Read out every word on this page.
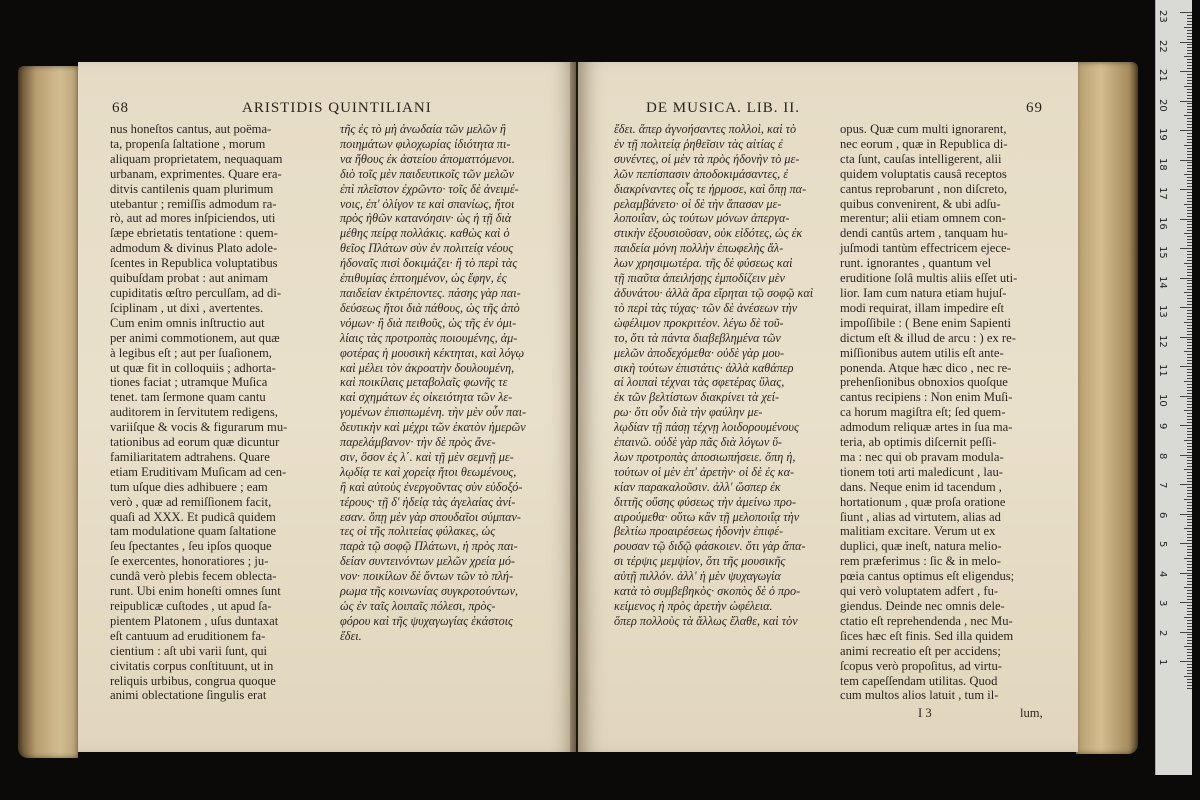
68	ARISTIDIS QUINTILIANI

nus honeſtos cantus, aut poëma-

ta, propenſa ſaltatione , morum

aliquam proprietatem, nequaquam

urbanam, exprimentes. Quare era-

ditvis cantilenis quam plurimum

utebantur ; remiſſis admodum ra-

rò, aut ad mores inſpiciendos, uti

ſæpe ebrietatis tentatione : quem-

admodum & divinus Plato adole-

ſcentes in Republica voluptatibus

quibuſdam probat : aut animam

cupiditatis œſtro perculſam, ad di-

ſciplinam , ut dixi , avertentes.

Cum enim omnis inſtructio aut

per animi commotionem, aut quæ

à legibus eſt ; aut per ſuaſionem,

ut quæ fit in colloquiis ; adhorta-

tiones faciat ; utramque Muſica

tenet. tam ſermone quam cantu

auditorem in ſervitutem redigens,

variiſque & vocis & figurarum mu-

tationibus ad eorum quæ dicuntur

familiaritatem adtrahens. Quare

etiam Eruditivam Muſicam ad cen-

tum uſque dies adhibuere ; eam

verò , quæ ad remiſſionem facit,

quaſi ad XXX. Et pudicâ quidem

tam modulatione quam ſaltatione

ſeu ſpectantes , ſeu ipſos quoque

ſe exercentes, honoratiores ; ju-

cundâ verò plebis fecem oblecta-

runt. Ubi enim honeſti omnes ſunt

reipublicæ cuſtodes , ut apud ſa-

pientem Platonem , uſus duntaxat

eſt cantuum ad eruditionem fa-

cientium : aſt ubi varii ſunt, qui

civitatis corpus conſtituunt, ut in

reliquis urbibus, congrua quoque

animi oblectatione ſingulis erat

τῆς ἐς τὸ μὴ ἀνωδαία τῶν μελῶν ἢ

ποιημάτων φιλοχωρίας ἰδιότητα πι-

να ἤθους ἐκ ἀστείου ἀποματτόμενοι.

διὸ τοῖς μὲν παιδευτικοῖς τῶν μελῶν

ἐπὶ πλεῖστον ἐχρῶντο· τοῖς δὲ ἀνειμέ-

νοις, ἐπ' ὀλίγον τε καὶ σπανίως, ἤτοι

πρὸς ἠθῶν κατανόησιν· ὡς ἡ τῇ διὰ

μέθης πείρᾳ πολλάκις. καθὼς καὶ ὁ

θεῖος Πλάτων σὺν ἐν πολιτείᾳ νέους

ἡδοναῖς πισὶ δοκιμάζει· ἢ τὸ περὶ τὰς

ἐπιθυμίας ἐπτοημένον, ὡς ἔφην, ἐς

παιδείαν ἐκτρέποντες. πάσης γὰρ παι-

δεύσεως ἤτοι διὰ πάθους, ὡς τῆς ἀπὸ

νόμων· ἢ διὰ πειθοῦς, ὡς τῆς ἐν ὁμι-

λίαις τὰς προτροπὰς ποιουμένης, ἀμ-

φοτέρας ἡ μουσικὴ κέκτηται, καὶ λόγῳ

καὶ μέλει τὸν ἀκροατὴν δουλουμένη,

καὶ ποικίλαις μεταβολαῖς φωνῆς τε

καὶ σχημάτων ἐς οἰκειότητα τῶν λε-

γομένων ἐπισπωμένη. τὴν μὲν οὖν παι-

δευτικὴν καὶ μέχρι τῶν ἑκατὸν ἡμερῶν

παρελάμβανον· τὴν δὲ πρὸς ἄνε-

σιν, ὅσον ἐς λ΄. καὶ τῇ μὲν σεμνῇ με-

λῳδίᾳ τε καὶ χορείᾳ ἤτοι θεωμένους,

ἢ καὶ αὐτοὺς ἐνεργοῦντας σὺν εὐδοξό-

τέρους· τῇ δ' ἡδείᾳ τὰς ἀγελαίας ἀνί-

εσαν. ὅπῃ μὲν γὰρ σπουδαῖοι σύμπαν-

τες οἱ τῆς πολιτείας φύλακες, ὡς

παρὰ τῷ σοφῷ Πλάτωνι, ἡ πρὸς παι-

δείαν συντεινόντων μελῶν χρεία μό-

νον· ποικίλων δὲ ὄντων τῶν τὸ πλή-

ρωμα τῆς κοινωνίας συγκροτούντων,

ὡς ἐν ταῖς λοιπαῖς πόλεσι, πρὸς-

φόρου καὶ τῆς ψυχαγωγίας ἑκάστοις

ἔδει.

DE MUSICA. LIB. II.	69

ἔδει. ἅπερ ἀγνοήσαντες πολλοὶ, καὶ τὸ

ἐν τῇ πολιτείᾳ ῥηθεῖσιν τὰς αἰτίας ἐ

συνέντες, οἱ μὲν τὰ πρὸς ἡδονὴν τὸ με-

λῶν πεπίσπασιν ἀποδοκιμάσαντες, ἐ

διακρίναντες οἷς τε ἡρμοσε, καὶ ὅπῃ πα-

ρελαμβάνετο· οἱ δὲ τὴν ἄπασαν με-

λοποιΐαν, ὡς τούτων μόνων ἀπεργα-

στικὴν ἐξουσιοῦσαν, οὐκ εἰδότες, ὡς ἐκ

παιδεία μόνη πολλὴν ἐπωφελὴς ἄλ-

λων χρησιμωτέρα. τῆς δὲ φύσεως καὶ

τῇ πιαῦτα ἀπειλήσῃς ἐμποδίζειν μὲν

ἀδυνάτου· ἀλλὰ ἄρα εἴρηται τῷ σοφῷ καὶ

τὸ περὶ τὰς τύχας· τῶν δὲ ἀνέσεων τὴν

ὠφέλιμον προκριτέον. λέγω δὲ τοῦ-

το, ὅτι τὰ πάντα διαβεβλημένα τῶν

μελῶν ἀποδεχόμεθα· οὐδὲ γὰρ μου-

σικὴ τούτων ἐπιστάτις· ἀλλὰ καθάπερ

αἱ λοιπαὶ τέχναι τὰς σφετέρας ὕλας,

ἐκ τῶν βελτίστων διακρίνει τὰ χεί-

ρω· ὅτι οὖν διὰ τὴν φαύλην με-

λῳδίαν τῇ πάσῃ τέχνῃ λοιδορουμένους

ἐπαινῶ. οὐδὲ γὰρ πᾶς διὰ λόγων ὕ-

λων προτροπὰς ἀποσιωπήσειε. ὅπη ἡ,

τούτων οἱ μὲν ἐπ' ἀρετὴν· οἱ δὲ ἐς κα-

κίαν παρακαλοῦσιν. ἀλλ' ὥσπερ ἐκ

διττῆς οὔσης φύσεως τὴν ἀμείνω προ-

αιρούμεθα· οὕτω κἂν τῇ μελοποιΐᾳ τὴν

βελτίω προαιρέσεως ἡδονὴν ἐπιφέ-

ρουσαν τῷ διδῷ φάσκοιεν. ὅτι γὰρ ἅπα-

σι τέρψις μεμψίον, ὅτι τῆς μουσικῆς

αὐτῇ πιλλόν. ἀλλ' ἡ μὲν ψυχαγωγία

κατὰ τὸ συμβεβηκὸς· σκοπὸς δὲ ὁ προ-

κείμενος ἡ πρὸς ἀρετὴν ὠφέλεια.

ὅπερ πολλοὺς τὰ ἄλλως ἔλαθε, καὶ τὸν

opus. Quæ cum multi ignorarent,

nec eorum , quæ in Republica di-

cta ſunt, cauſas intelligerent, alii

quidem voluptatis causâ receptos

cantus reprobarunt , non diſcreto,

quibus convenirent, & ubi adſu-

merentur; alii etiam omnem con-

dendi cantûs artem , tanquam hu-

juſmodi tantùm effectricem ejece-

runt. ignorantes , quantum vel

eruditione ſolâ multis aliis eſſet uti-

lior. Iam cum natura etiam hujuſ-

modi requirat, illam impedire eſt

impoſſibile : ( Bene enim Sapienti

dictum eſt & illud de arcu : ) ex re-

miſſionibus autem utilis eſt ante-

ponenda. Atque hæc dico , nec re-

prehenſionibus obnoxios quoſque

cantus recipiens : Non enim Muſi-

ca horum magiſtra eſt; ſed quem-

admodum reliquæ artes in ſua ma-

teria, ab optimis diſcernit peſſi-

ma : nec qui ob pravam modula-

tionem toti arti maledicunt , lau-

dans. Neque enim id tacendum ,

hortationum , quæ proſa oratione

ſiunt , alias ad virtutem, alias ad

malitiam excitare. Verum ut ex

duplici, quæ ineſt, natura melio-

rem præferimus : ſic & in melo-

pœia cantus optimus eſt eligendus;

qui verò voluptatem adfert , fu-

giendus. Deinde nec omnis dele-

ctatio eſt reprehendenda , nec Mu-

ſices hæc eſt finis. Sed illa quidem

animi recreatio eſt per accidens;

ſcopus verò propoſitus, ad virtu-

tem capeſſendam utilitas. Quod

cum multos alios latuit , tum il-

I 3	lum,
23
22
21
20
19
18
17
16
15
14
13
12
11
10
9
8
7
6
5
4
3
2
1
